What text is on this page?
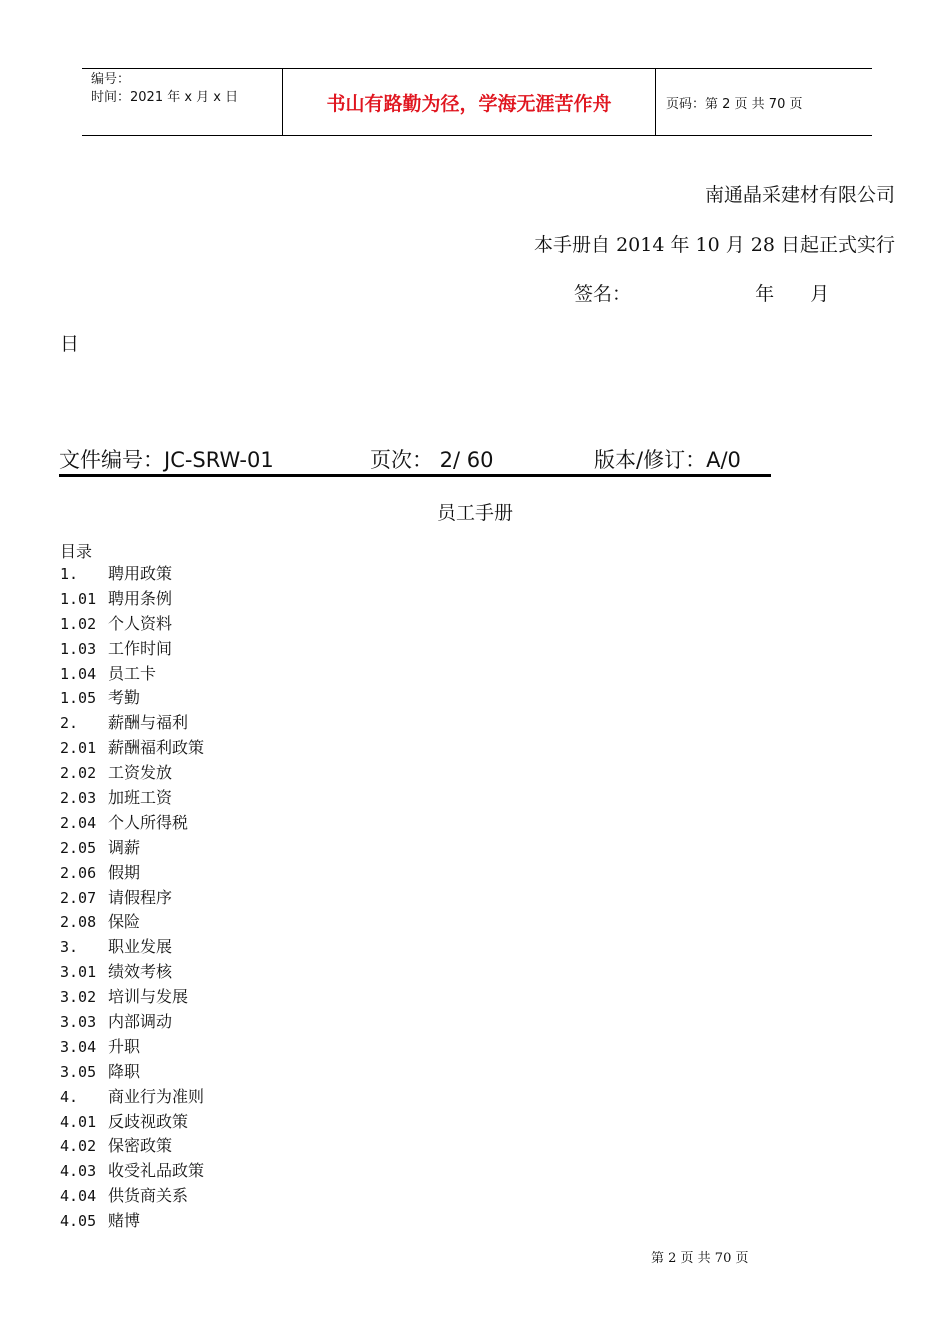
编号：
时间：2021 年 x 月 x 日	书山有路勤为径，学海无涯苦作舟	页码：第 2 页 共 70 页
南通晶采建材有限公司
本手册自 2014 年 10 月 28 日起正式实行
签名：	年 月
日
文件编号：JC-SRW-01	页次： 2/ 60	版本/修订：A/0
员工手册
目录
1. 聘用政策
1.01 聘用条例
1.02 个人资料
1.03 工作时间
1.04 员工卡
1.05 考勤
2. 薪酬与福利
2.01 薪酬福利政策
2.02 工资发放
2.03 加班工资
2.04 个人所得税
2.05 调薪
2.06 假期
2.07 请假程序
2.08 保险
3. 职业发展
3.01 绩效考核
3.02 培训与发展
3.03 内部调动
3.04 升职
3.05 降职
4. 商业行为准则
4.01 反歧视政策
4.02 保密政策
4.03 收受礼品政策
4.04 供货商关系
4.05 赌博
第 2 页 共 70 页
